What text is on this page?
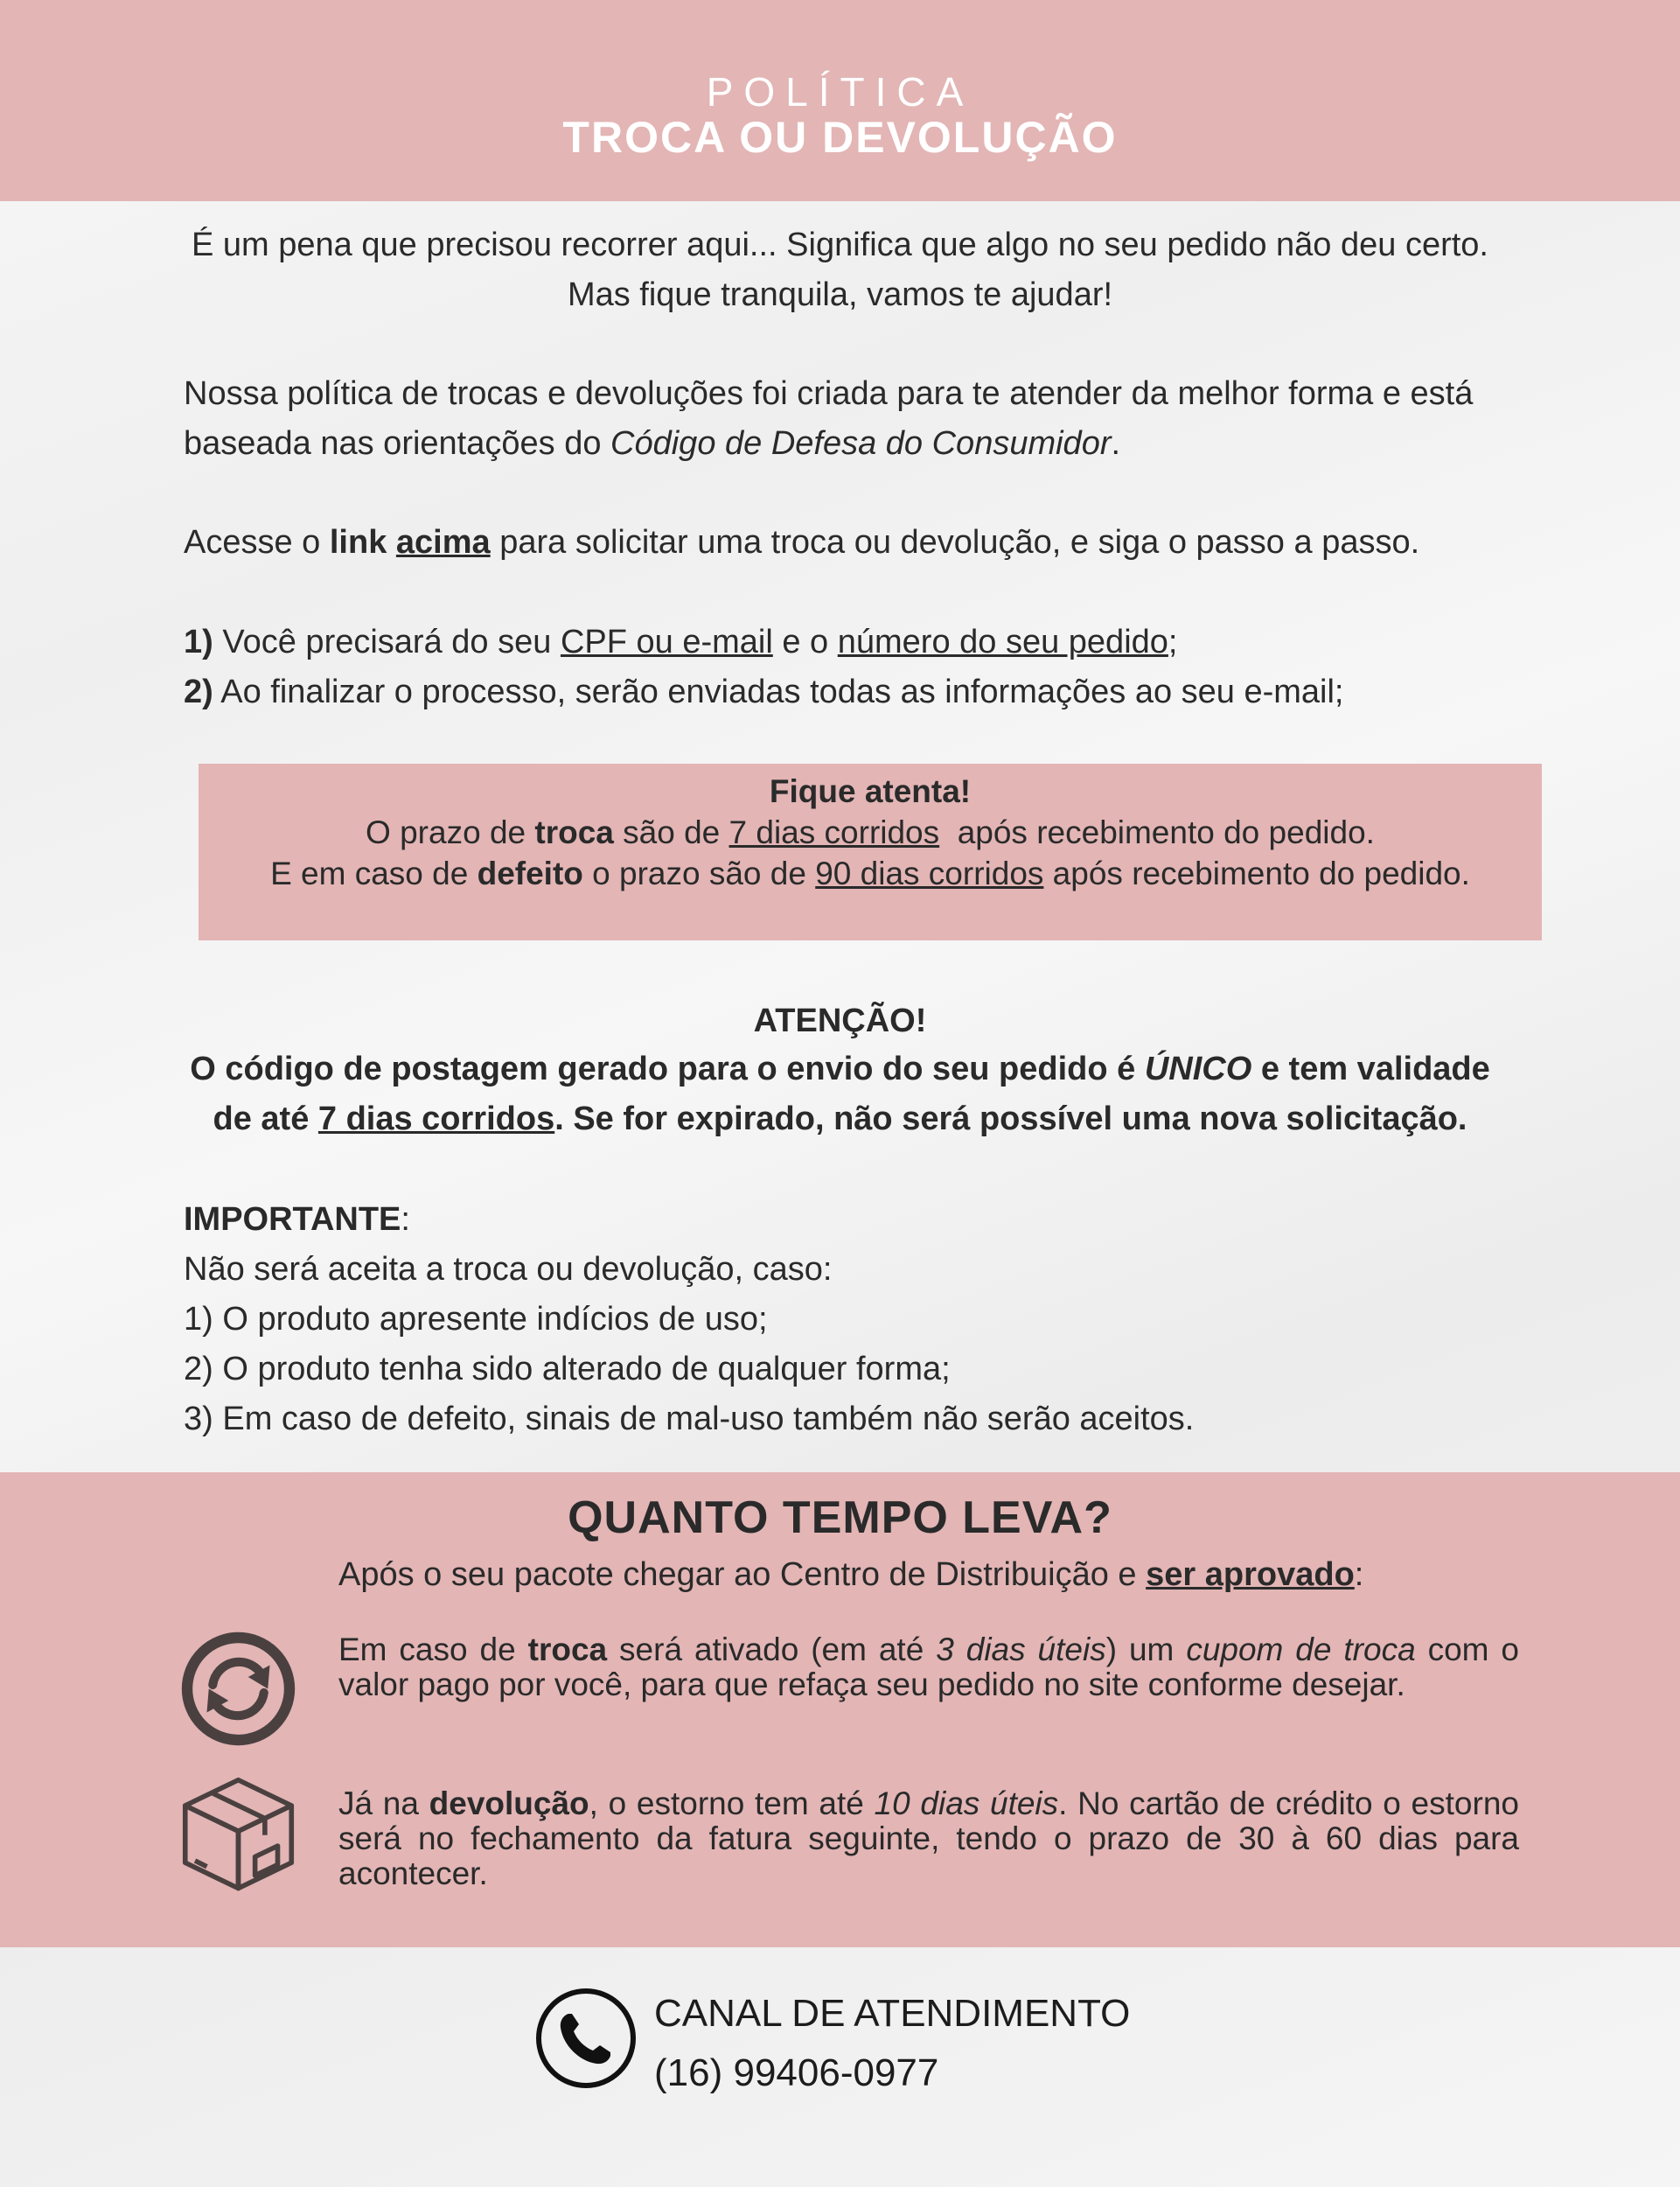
POLÍTICA
TROCA OU DEVOLUÇÃO
É um pena que precisou recorrer aqui... Significa que algo no seu pedido não deu certo.
Mas fique tranquila, vamos te ajudar!
Nossa política de trocas e devoluções foi criada para te atender da melhor forma e está baseada nas orientações do Código de Defesa do Consumidor.
Acesse o link acima para solicitar uma troca ou devolução, e siga o passo a passo.
1) Você precisará do seu CPF ou e-mail e o número do seu pedido;
2) Ao finalizar o processo, serão enviadas todas as informações ao seu e-mail;
Fique atenta!
O prazo de troca são de 7 dias corridos  após recebimento do pedido.
E em caso de defeito o prazo são de 90 dias corridos após recebimento do pedido.
ATENÇÃO!
O código de postagem gerado para o envio do seu pedido é ÚNICO e tem validade de até 7 dias corridos. Se for expirado, não será possível uma nova solicitação.
IMPORTANTE:
Não será aceita a troca ou devolução, caso:
1) O produto apresente indícios de uso;
2) O produto tenha sido alterado de qualquer forma;
3) Em caso de defeito, sinais de mal-uso também não serão aceitos.
QUANTO TEMPO LEVA?
Após o seu pacote chegar ao Centro de Distribuição e ser aprovado:
Em caso de troca será ativado (em até 3 dias úteis) um cupom de troca com o valor pago por você, para que refaça seu pedido no site conforme desejar.
Já na devolução, o estorno tem até 10 dias úteis. No cartão de crédito o estorno será no fechamento da fatura seguinte, tendo o prazo de 30 à 60 dias para acontecer.
CANAL DE ATENDIMENTO
(16) 99406-0977
